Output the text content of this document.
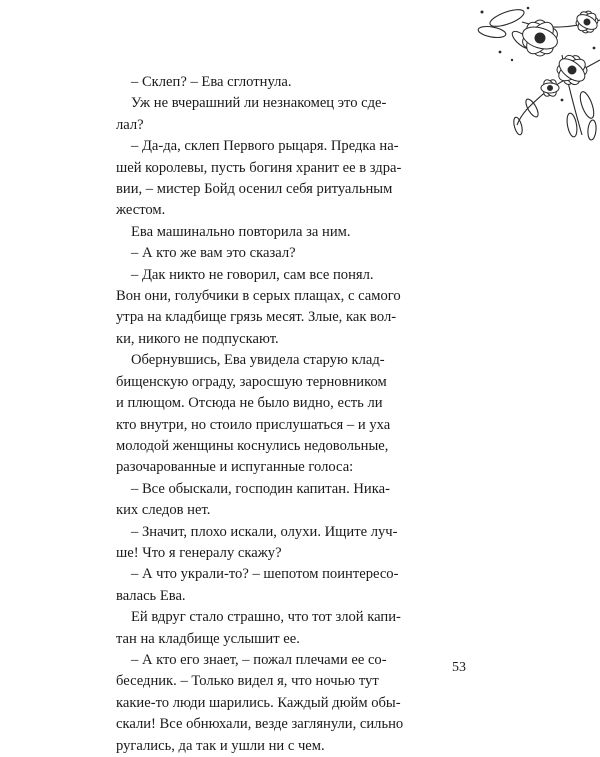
– Склеп? – Ева сглотнула.
Уж не вчерашний ли незнакомец это сде-
лал?
– Да-да, склеп Первого рыцаря. Предка на-
шей королевы, пусть богиня хранит ее в здра-
вии, – мистер Бойд осенил себя ритуальным
жестом.
Ева машинально повторила за ним.
– А кто же вам это сказал?
– Дак никто не говорил, сам все понял.
Вон они, голубчики в серых плащах, с самого
утра на кладбище грязь месят. Злые, как вол-
ки, никого не подпускают.
Обернувшись, Ева увидела старую клад-
бищенскую ограду, заросшую терновником
и плющом. Отсюда не было видно, есть ли
кто внутри, но стоило прислушаться – и уха
молодой женщины коснулись недовольные,
разочарованные и испуганные голоса:
– Все обыскали, господин капитан. Ника-
ких следов нет.
– Значит, плохо искали, олухи. Ищите луч-
ше! Что я генералу скажу?
– А что украли-то? – шепотом поинтересо-
валась Ева.
Ей вдруг стало страшно, что тот злой капи-
тан на кладбище услышит ее.
– А кто его знает, – пожал плечами ее со-
беседник. – Только видел я, что ночью тут
какие-то люди шарились. Каждый дюйм обы-
скали! Все обнюхали, везде заглянули, сильно
ругались, да так и ушли ни с чем.
53
